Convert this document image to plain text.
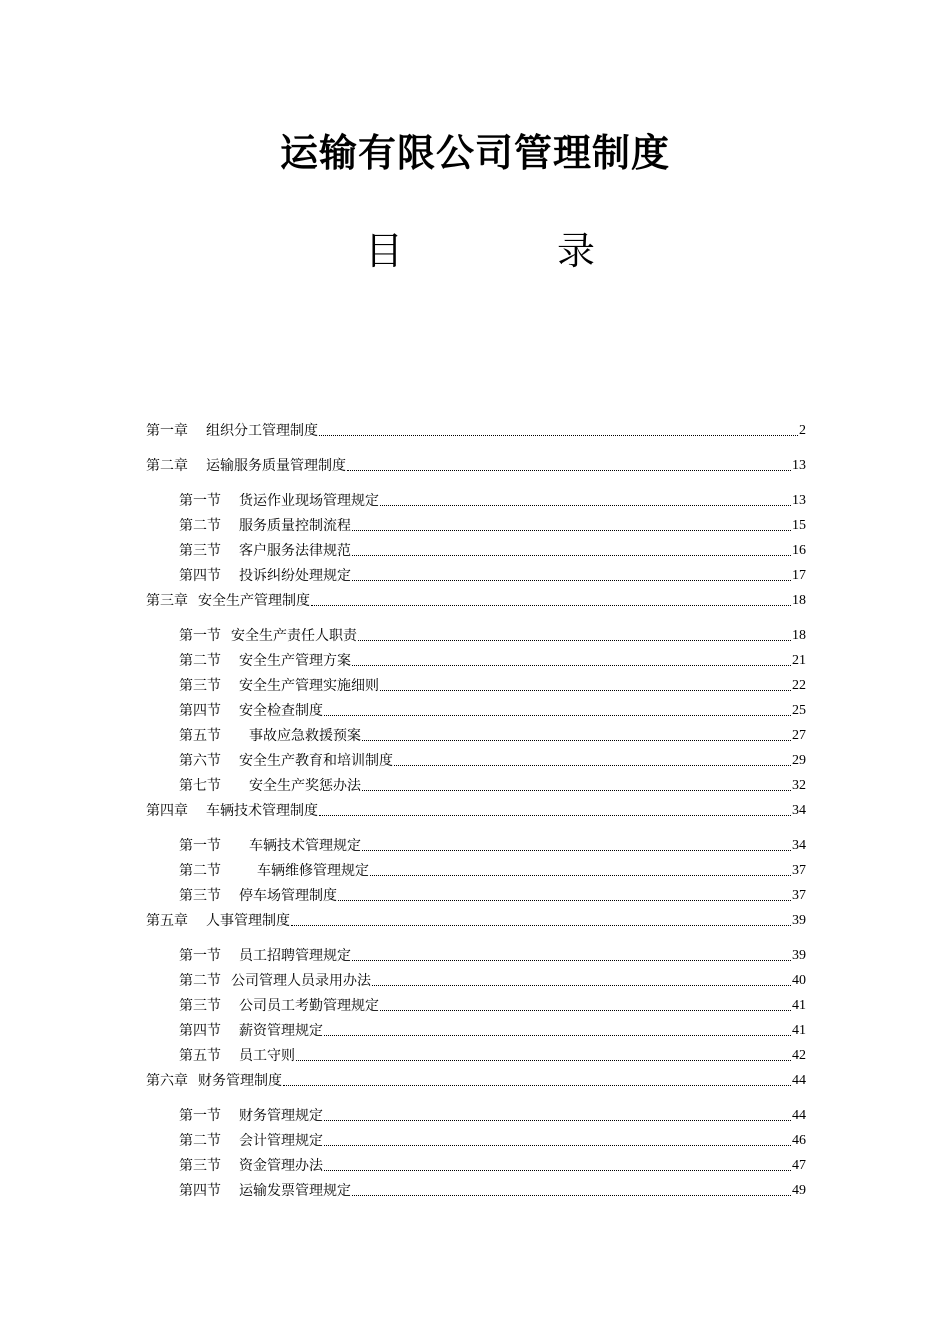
运输有限公司管理制度
目	录
第一章 组织分工管理制度	2
第二章 运输服务质量管理制度	13
第一节 货运作业现场管理规定	13
第二节 服务质量控制流程	15
第三节 客户服务法律规范	16
第四节 投诉纠纷处理规定	17
第三章 安全生产管理制度	18
第一节 安全生产责任人职责	18
第二节 安全生产管理方案	21
第三节 安全生产管理实施细则	22
第四节 安全检查制度	25
第五节 事故应急救援预案	27
第六节 安全生产教育和培训制度	29
第七节 安全生产奖惩办法	32
第四章 车辆技术管理制度	34
第一节 车辆技术管理规定	34
第二节	车辆维修管理规定	37
第三节 停车场管理制度	37
第五章 人事管理制度	39
第一节 员工招聘管理规定	39
第二节 公司管理人员录用办法	40
第三节 公司员工考勤管理规定	41
第四节 薪资管理规定	41
第五节 员工守则	42
第六章 财务管理制度	44
第一节 财务管理规定	44
第二节 会计管理规定	46
第三节 资金管理办法	47
第四节 运输发票管理规定	49
